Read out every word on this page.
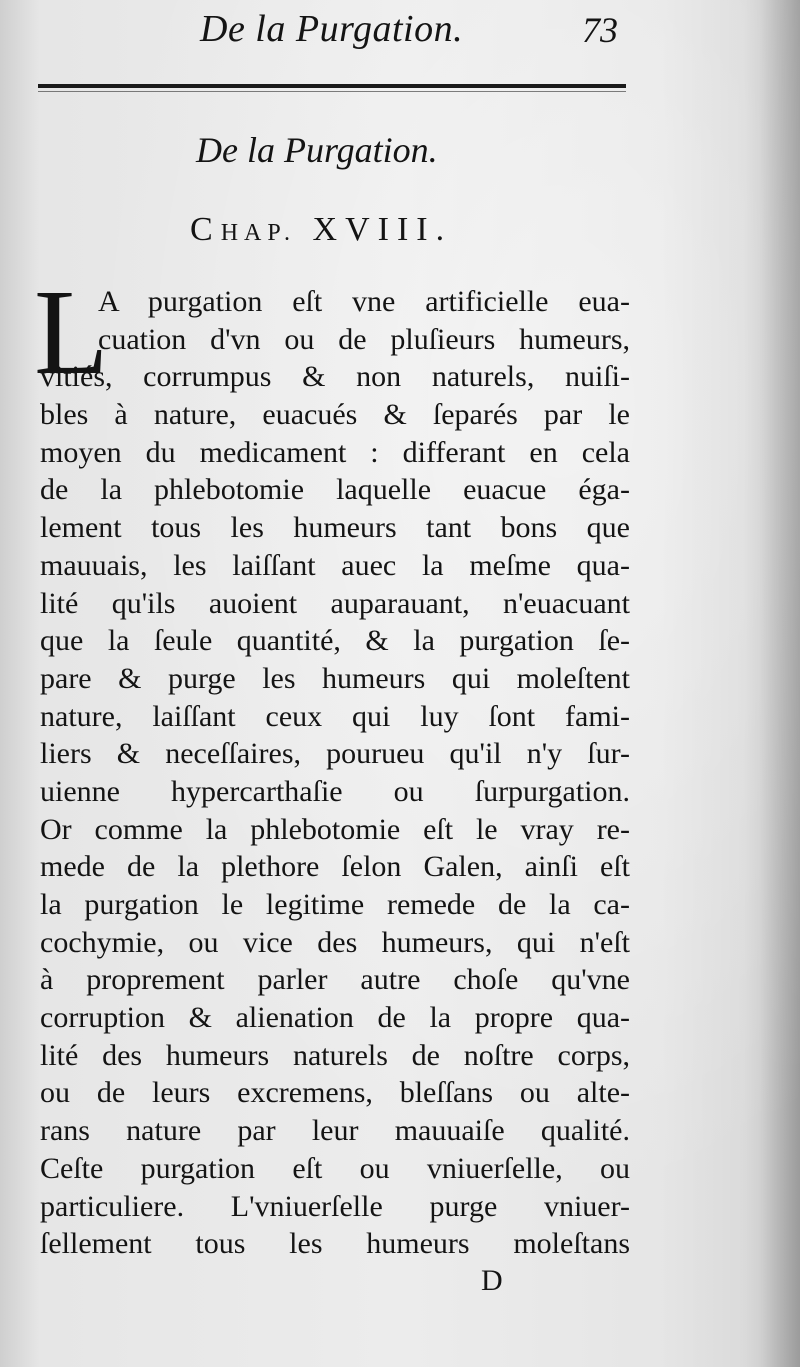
De la Purgation.	73
De la Purgation.
CHAP. XVIII.
L
A purgation eſt vne artificielle eua-
cuation d'vn ou de pluſieurs humeurs,
vitiés, corrumpus & non naturels, nuiſi-
bles à nature, euacués & ſeparés par le
moyen du medicament : differant en cela
de la phlebotomie laquelle euacue éga-
lement tous les humeurs tant bons que
mauuais, les laiſſant auec la meſme qua-
lité qu'ils auoient auparauant, n'euacuant
que la ſeule quantité, & la purgation ſe-
pare & purge les humeurs qui moleſtent
nature, laiſſant ceux qui luy ſont fami-
liers & neceſſaires, pourueu qu'il n'y ſur-
uienne hypercarthaſie ou ſurpurgation.
Or comme la phlebotomie eſt le vray re-
mede de la plethore ſelon Galen, ainſi eſt
la purgation le legitime remede de la ca-
cochymie, ou vice des humeurs, qui n'eſt
à proprement parler autre choſe qu'vne
corruption & alienation de la propre qua-
lité des humeurs naturels de noſtre corps,
ou de leurs excremens, bleſſans ou alte-
rans nature par leur mauuaiſe qualité.
Ceſte purgation eſt ou vniuerſelle, ou
particuliere. L'vniuerſelle purge vniuer-
ſellement tous les humeurs moleſtans
D
